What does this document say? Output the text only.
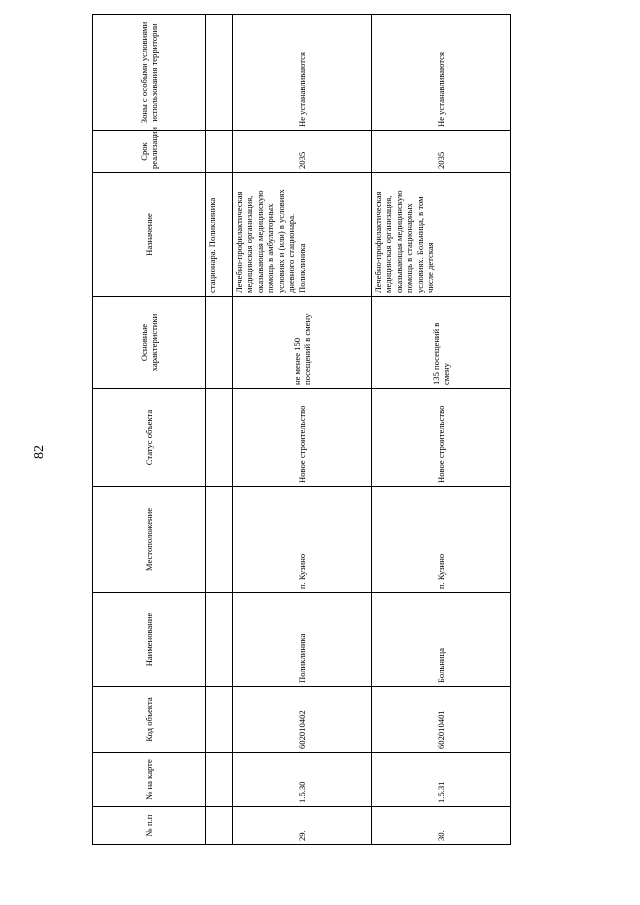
82
№ п.п	№ на карте	Код объекта	Наименование	Местоположение	Статус объекта	Основные характеристики	Назначение	Срок реализации	Зоны с особыми условиями использования территории
							стационара. Поликлиника		
29.	1.5.30	602010402	Поликлиника	п. Кузино	Новое строительство	не менее 150 посещений в смену	Лечебно-профилактическая медицинская организация, оказывающая медицинскую помощь в амбулаторных условиях и (или) в условиях дневного стационара. Поликлиника	2035	Не устанавливаются
30.	1.5.31	602010401	Больница	п. Кузино	Новое строительство	135 посещений в смену	Лечебно-профилактическая медицинская организация, оказывающая медицинскую помощь в стационарных условиях. Больница, в том числе детская	2035	Не устанавливаются
